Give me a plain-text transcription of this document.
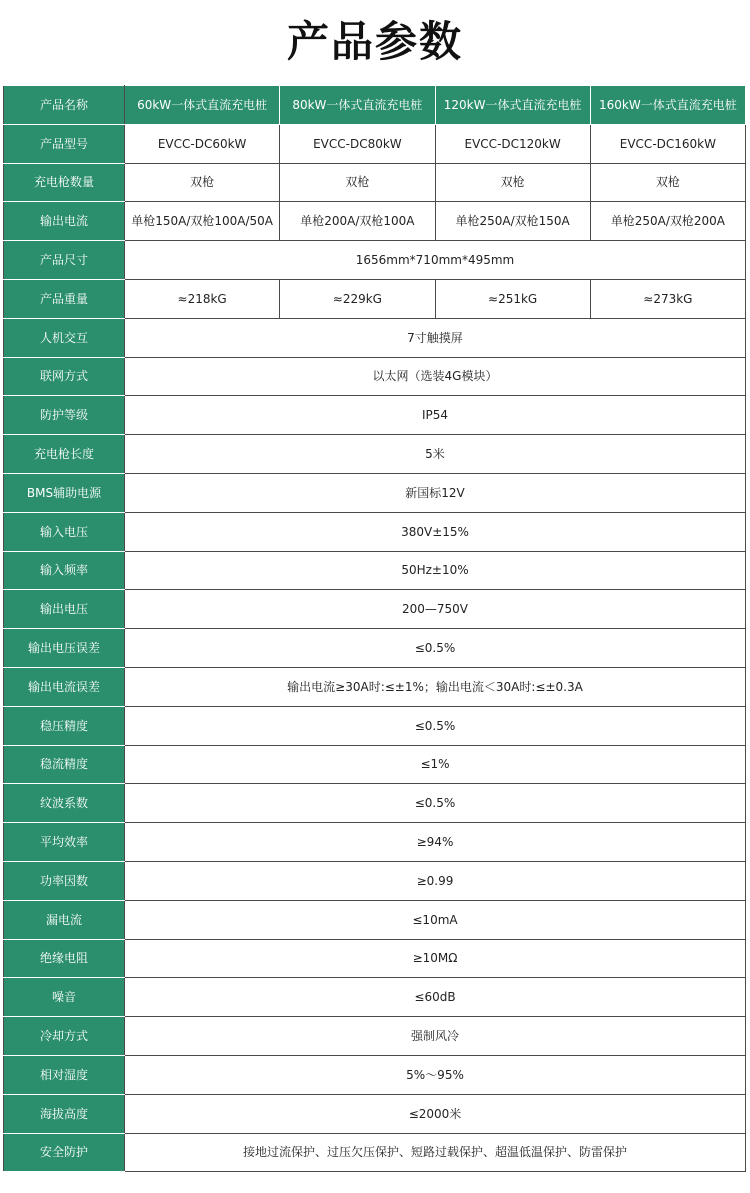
产品参数
产品名称	60kW一体式直流充电桩	80kW一体式直流充电桩	120kW一体式直流充电桩	160kW一体式直流充电桩
产品型号	EVCC-DC60kW	EVCC-DC80kW	EVCC-DC120kW	EVCC-DC160kW
充电枪数量	双枪	双枪	双枪	双枪
输出电流	单枪150A/双枪100A/50A	单枪200A/双枪100A	单枪250A/双枪150A	单枪250A/双枪200A
产品尺寸	1656mm*710mm*495mm			
产品重量	≈218kG	≈229kG	≈251kG	≈273kG
人机交互	7寸触摸屏			
联网方式	以太网（选装4G模块）			
防护等级	IP54			
充电枪长度	5米			
BMS辅助电源	新国标12V			
输入电压	380V±15%			
输入频率	50Hz±10%			
输出电压	200—750V			
输出电压误差	≤0.5%			
输出电流误差	输出电流≥30A时:≤±1%；输出电流＜30A时:≤±0.3A			
稳压精度	≤0.5%			
稳流精度	≤1%			
纹波系数	≤0.5%			
平均效率	≥94%			
功率因数	≥0.99			
漏电流	≤10mA			
绝缘电阻	≥10MΩ			
噪音	≤60dB			
冷却方式	强制风冷			
相对湿度	5%～95%			
海拔高度	≤2000米			
安全防护	接地过流保护、过压欠压保护、短路过载保护、超温低温保护、防雷保护			
